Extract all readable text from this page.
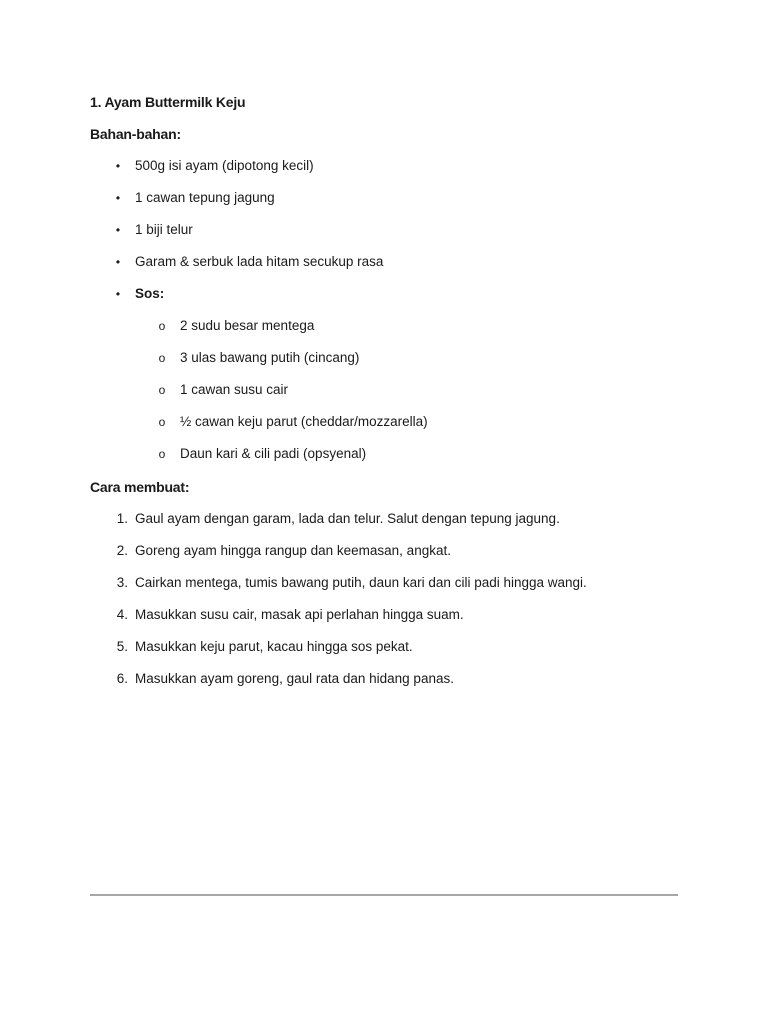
1. Ayam Buttermilk Keju
Bahan-bahan:
• 500g isi ayam (dipotong kecil)
• 1 cawan tepung jagung
• 1 biji telur
• Garam & serbuk lada hitam secukup rasa
• Sos:
o 2 sudu besar mentega
o 3 ulas bawang putih (cincang)
o 1 cawan susu cair
o ½ cawan keju parut (cheddar/mozzarella)
o Daun kari & cili padi (opsyenal)
Cara membuat:
1. Gaul ayam dengan garam, lada dan telur. Salut dengan tepung jagung.
2. Goreng ayam hingga rangup dan keemasan, angkat.
3. Cairkan mentega, tumis bawang putih, daun kari dan cili padi hingga wangi.
4. Masukkan susu cair, masak api perlahan hingga suam.
5. Masukkan keju parut, kacau hingga sos pekat.
6. Masukkan ayam goreng, gaul rata dan hidang panas.
